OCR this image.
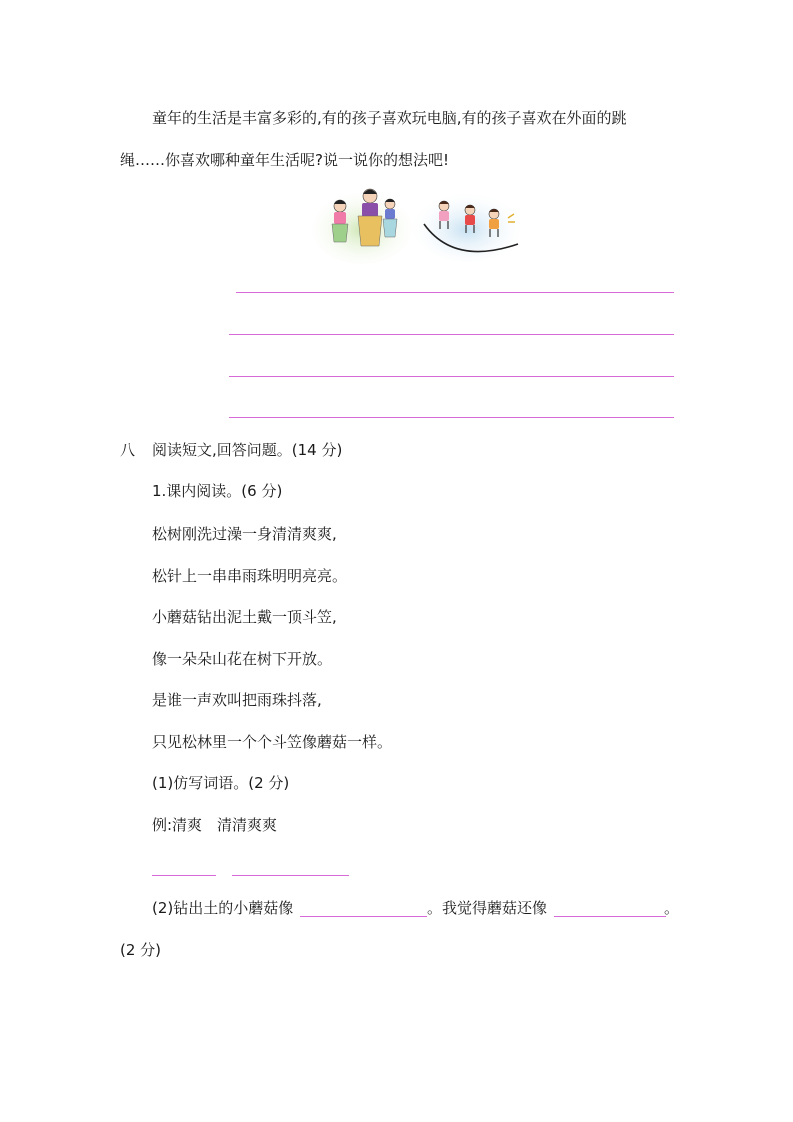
童年的生活是丰富多彩的,有的孩子喜欢玩电脑,有的孩子喜欢在外面的跳
绳……你喜欢哪种童年生活呢?说一说你的想法吧!
八 阅读短文,回答问题。(14 分)
1.课内阅读。(6 分)
松树刚洗过澡一身清清爽爽,
松针上一串串雨珠明明亮亮。
小蘑菇钻出泥土戴一顶斗笠,
像一朵朵山花在树下开放。
是谁一声欢叫把雨珠抖落,
只见松林里一个个斗笠像蘑菇一样。
(1)仿写词语。(2 分)
例:清爽　清清爽爽
(2)钻出土的小蘑菇像	。我觉得蘑菇还像	。
(2 分)
